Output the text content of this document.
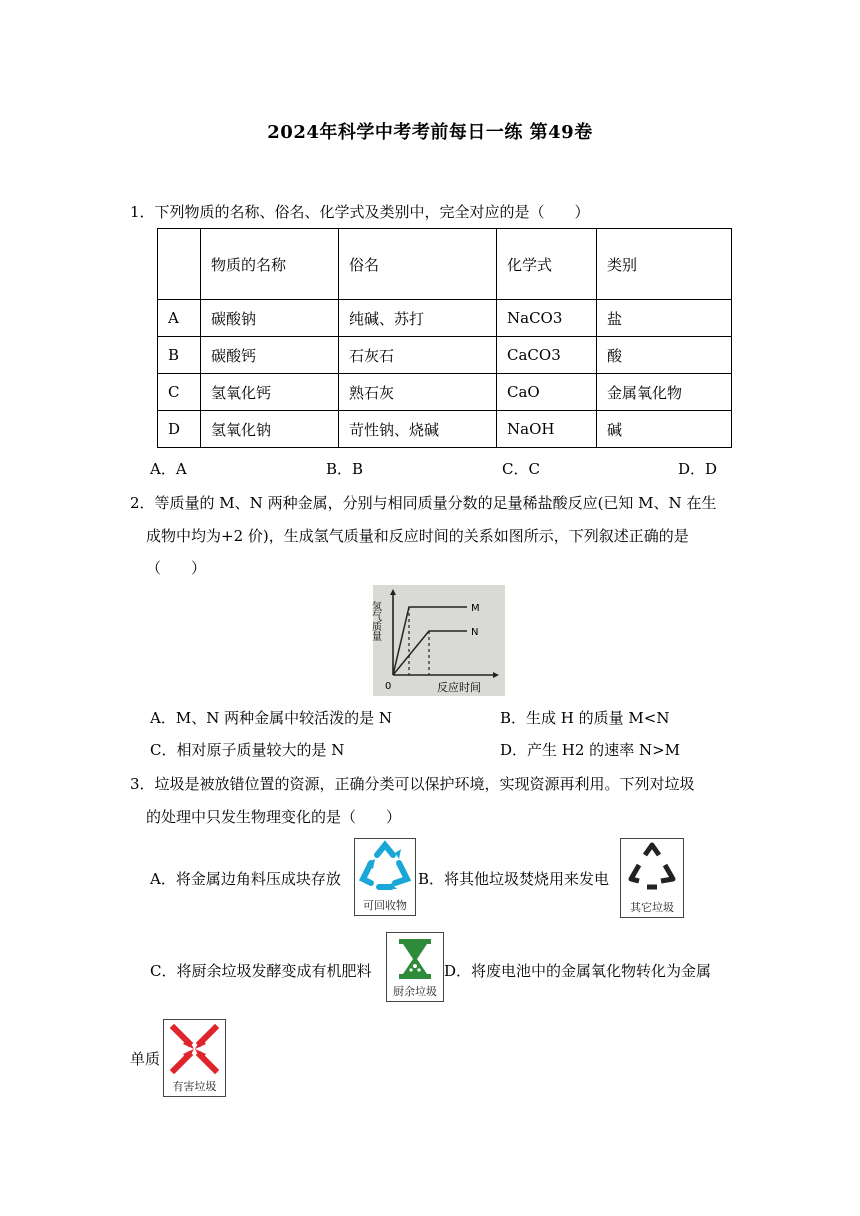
2024年科学中考考前每日一练 第49卷
1．下列物质的名称、俗名、化学式及类别中，完全对应的是（　　）
	物质的名称	俗名	化学式	类别
A	碳酸钠	纯碱、苏打	NaCO3	盐
B	碳酸钙	石灰石	CaCO3	酸
C	氢氧化钙	熟石灰	CaO	金属氧化物
D	氢氧化钠	苛性钠、烧碱	NaOH	碱
A．A	B．B	C．C	D．D
2．等质量的 M、N 两种金属，分别与相同质量分数的足量稀盐酸反应(已知 M、N 在生
成物中均为+2 价)，生成氢气质量和反应时间的关系如图所示，下列叙述正确的是
（　　）
M
N
0	反应时间
氢气质量
A．M、N 两种金属中较活泼的是 N	B．生成 H 的质量 M<N
C．相对原子质量较大的是 N	D．产生 H2 的速率 N>M
3．垃圾是被放错位置的资源，正确分类可以保护环境，实现资源再利用。下列对垃圾
的处理中只发生物理变化的是（　　）
A．将金属边角料压成块存放
可回收物
B．将其他垃圾焚烧用来发电
其它垃圾
C．将厨余垃圾发酵变成有机肥料
厨余垃圾
D．将废电池中的金属氧化物转化为金属
单质
有害垃圾
